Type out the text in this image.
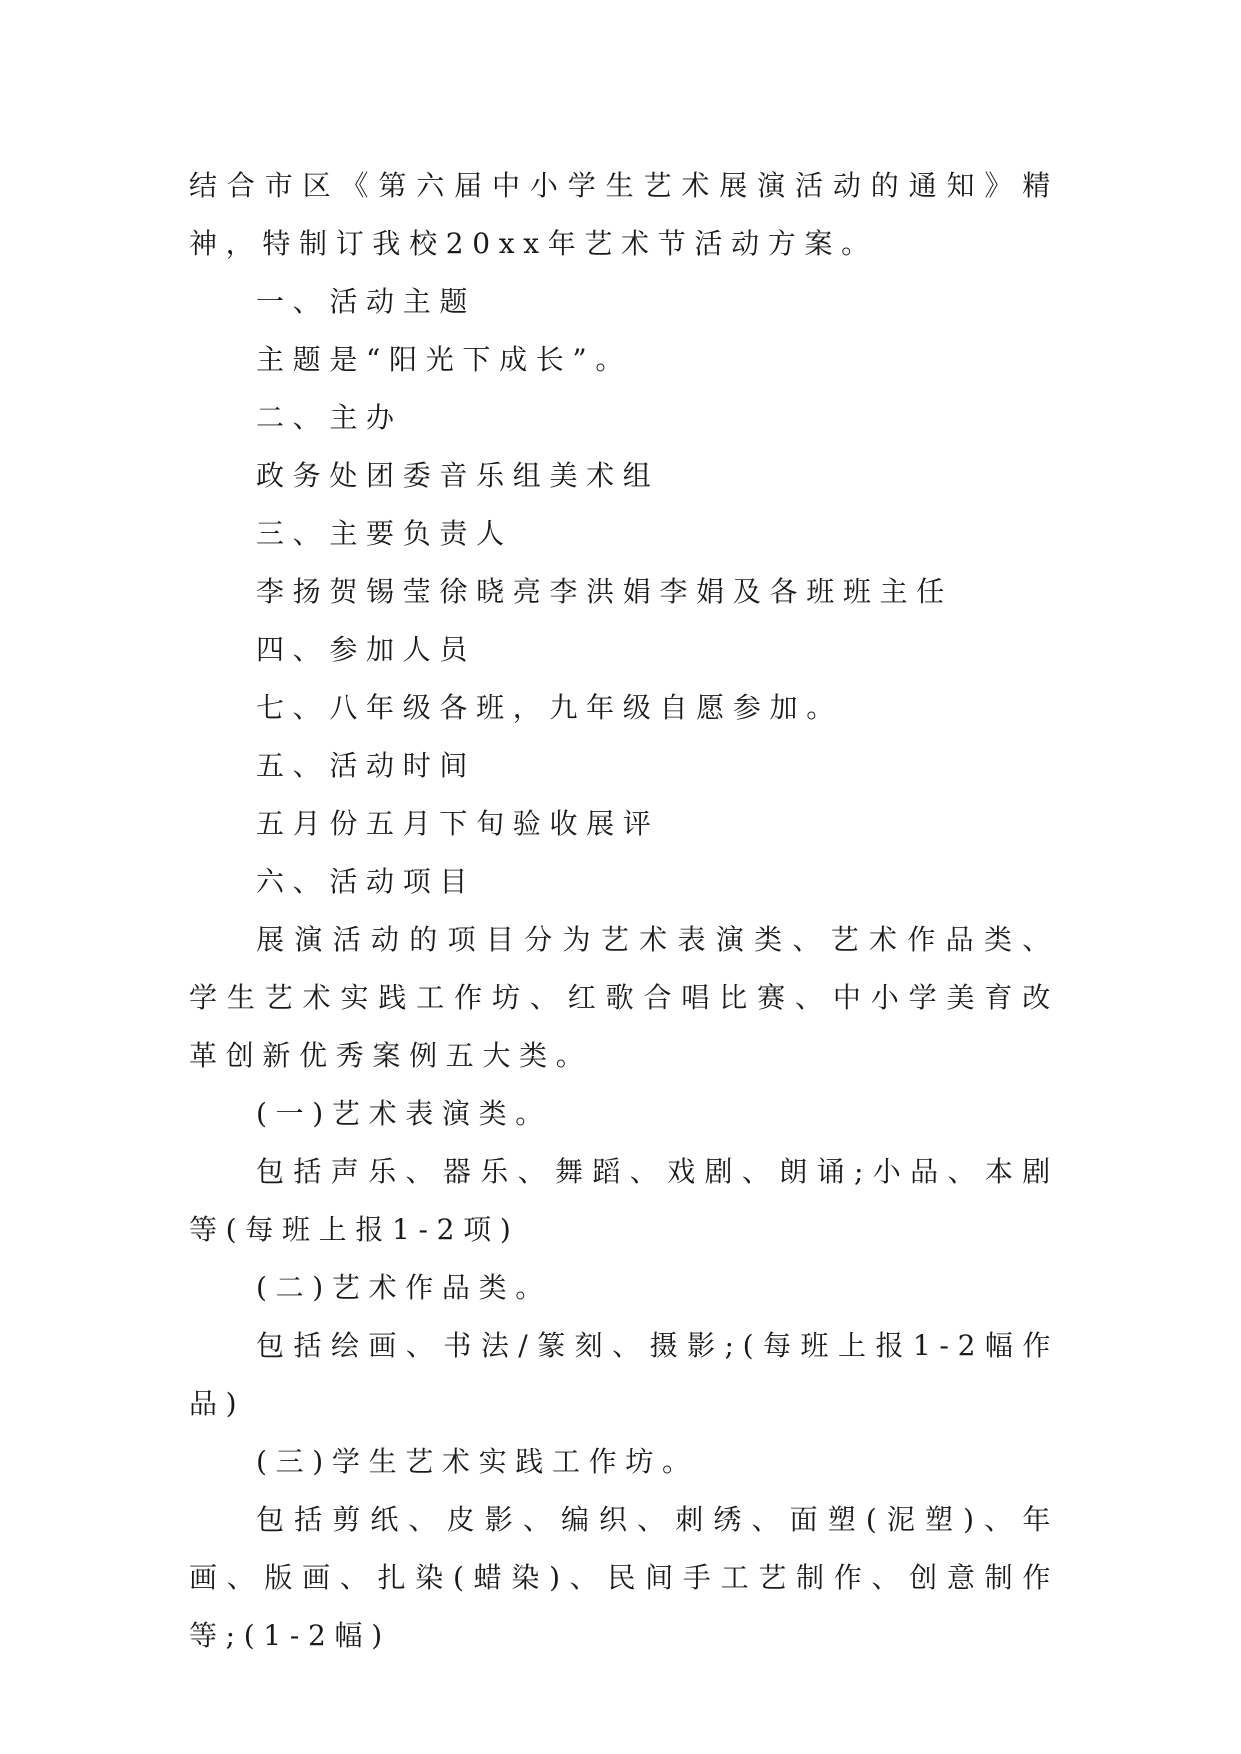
结合市区《第六届中小学生艺术展演活动的通知》精神，特制订我校20xx年艺术节活动方案。

一、活动主题

主题是“阳光下成长”。

二、主办

政务处团委音乐组美术组

三、主要负责人

李扬贺锡莹徐晓亮李洪娟李娟及各班班主任

四、参加人员

七、八年级各班，九年级自愿参加。

五、活动时间

五月份五月下旬验收展评

六、活动项目

展演活动的项目分为艺术表演类、艺术作品类、学生艺术实践工作坊、红歌合唱比赛、中小学美育改革创新优秀案例五大类。

(一)艺术表演类。

包括声乐、器乐、舞蹈、戏剧、朗诵;小品、本剧等(每班上报1-2项)

(二)艺术作品类。

包括绘画、书法/篆刻、摄影;(每班上报1-2幅作品)

(三)学生艺术实践工作坊。

包括剪纸、皮影、编织、刺绣、面塑(泥塑)、年画、版画、扎染(蜡染)、民间手工艺制作、创意制作等;(1-2幅)
